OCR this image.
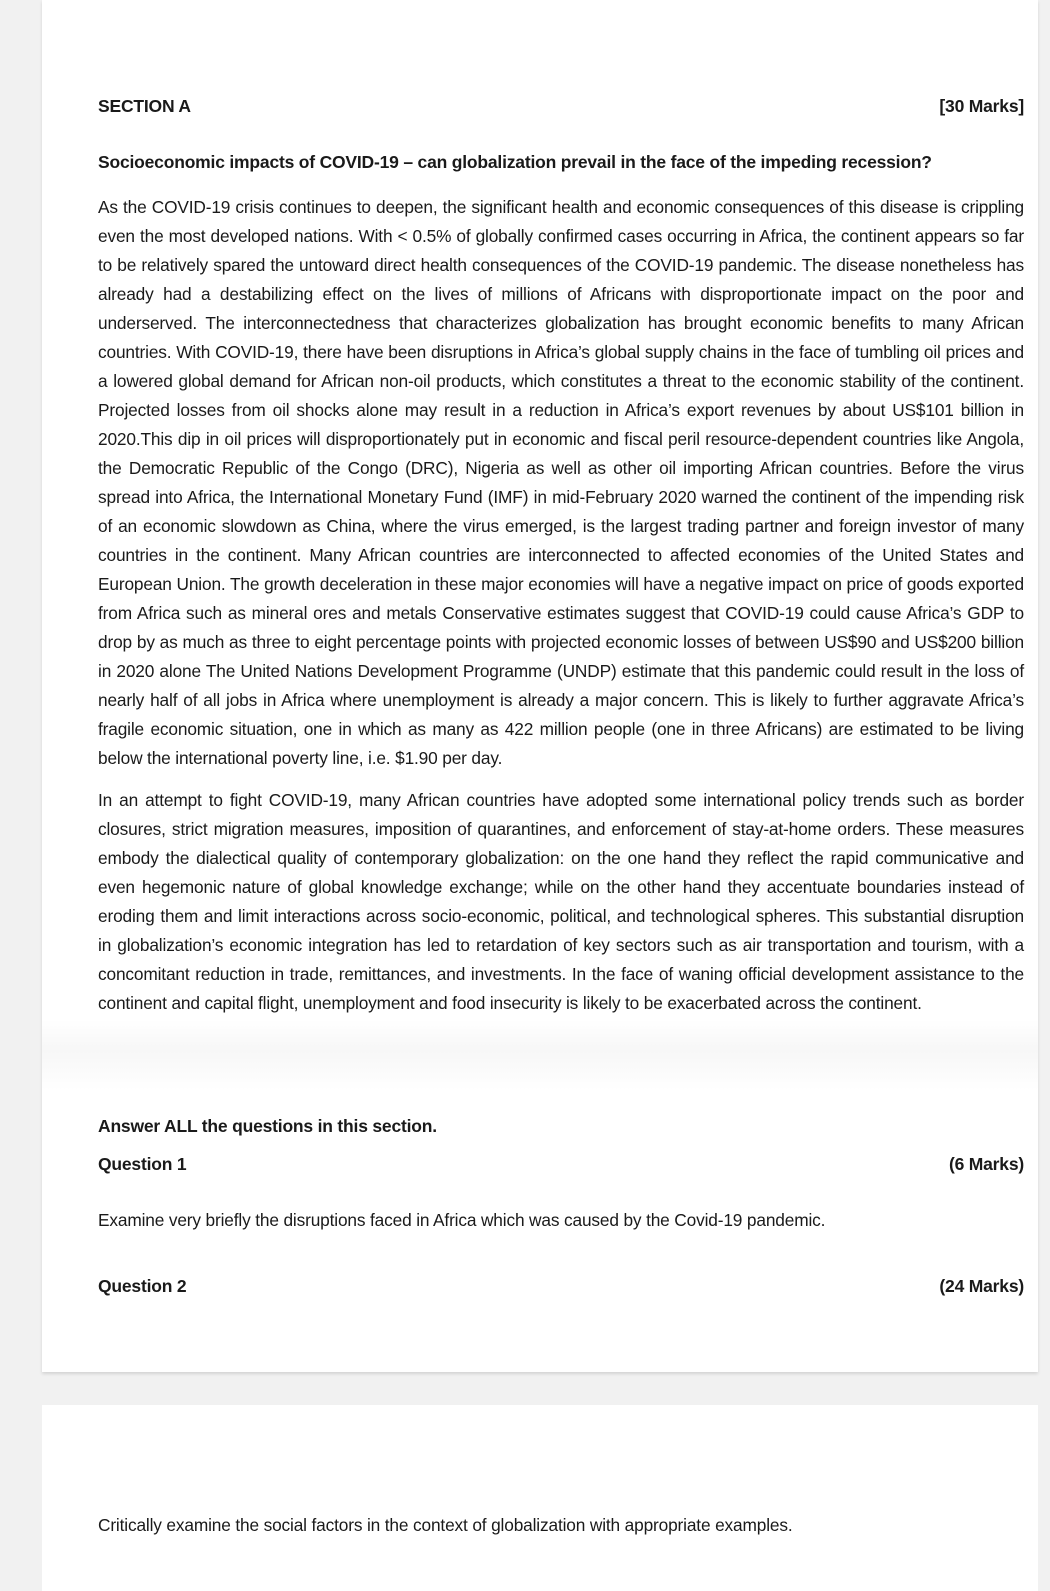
SECTION A	[30 Marks]
Socioeconomic impacts of COVID-19 – can globalization prevail in the face of the impeding recession?

As the COVID-19 crisis continues to deepen, the significant health and economic consequences of this disease is crippling even the most developed nations. With < 0.5% of globally confirmed cases occurring in Africa, the continent appears so far to be relatively spared the untoward direct health consequences of the COVID-19 pandemic. The disease nonetheless has already had a destabilizing effect on the lives of millions of Africans with disproportionate impact on the poor and underserved. The interconnectedness that characterizes globalization has brought economic benefits to many African countries. With COVID-19, there have been disruptions in Africa’s global supply chains in the face of tumbling oil prices and a lowered global demand for African non-oil products, which constitutes a threat to the economic stability of the continent. Projected losses from oil shocks alone may result in a reduction in Africa’s export revenues by about US$101 billion in 2020.This dip in oil prices will disproportionately put in economic and fiscal peril resource-dependent countries like Angola, the Democratic Republic of the Congo (DRC), Nigeria as well as other oil importing African countries. Before the virus spread into Africa, the International Monetary Fund (IMF) in mid-February 2020 warned the continent of the impending risk of an economic slowdown as China, where the virus emerged, is the largest trading partner and foreign investor of many countries in the continent. Many African countries are interconnected to affected economies of the United States and European Union. The growth deceleration in these major economies will have a negative impact on price of goods exported from Africa such as mineral ores and metals Conservative estimates suggest that COVID-19 could cause Africa’s GDP to drop by as much as three to eight percentage points with projected economic losses of between US$90 and US$200 billion in 2020 alone The United Nations Development Programme (UNDP) estimate that this pandemic could result in the loss of nearly half of all jobs in Africa where unemployment is already a major concern. This is likely to further aggravate Africa’s fragile economic situation, one in which as many as 422 million people (one in three Africans) are estimated to be living below the international poverty line, i.e. $1.90 per day.

In an attempt to fight COVID-19, many African countries have adopted some international policy trends such as border closures, strict migration measures, imposition of quarantines, and enforcement of stay-at-home orders. These measures embody the dialectical quality of contemporary globalization: on the one hand they reflect the rapid communicative and even hegemonic nature of global knowledge exchange; while on the other hand they accentuate boundaries instead of eroding them and limit interactions across socio-economic, political, and technological spheres. This substantial disruption in globalization’s economic integration has led to retardation of key sectors such as air transportation and tourism, with a concomitant reduction in trade, remittances, and investments. In the face of waning official development assistance to the continent and capital flight, unemployment and food insecurity is likely to be exacerbated across the continent.

Answer ALL the questions in this section.
Question 1	(6 Marks)
Examine very briefly the disruptions faced in Africa which was caused by the Covid-19 pandemic.
Question 2	(24 Marks)
Critically examine the social factors in the context of globalization with appropriate examples.
